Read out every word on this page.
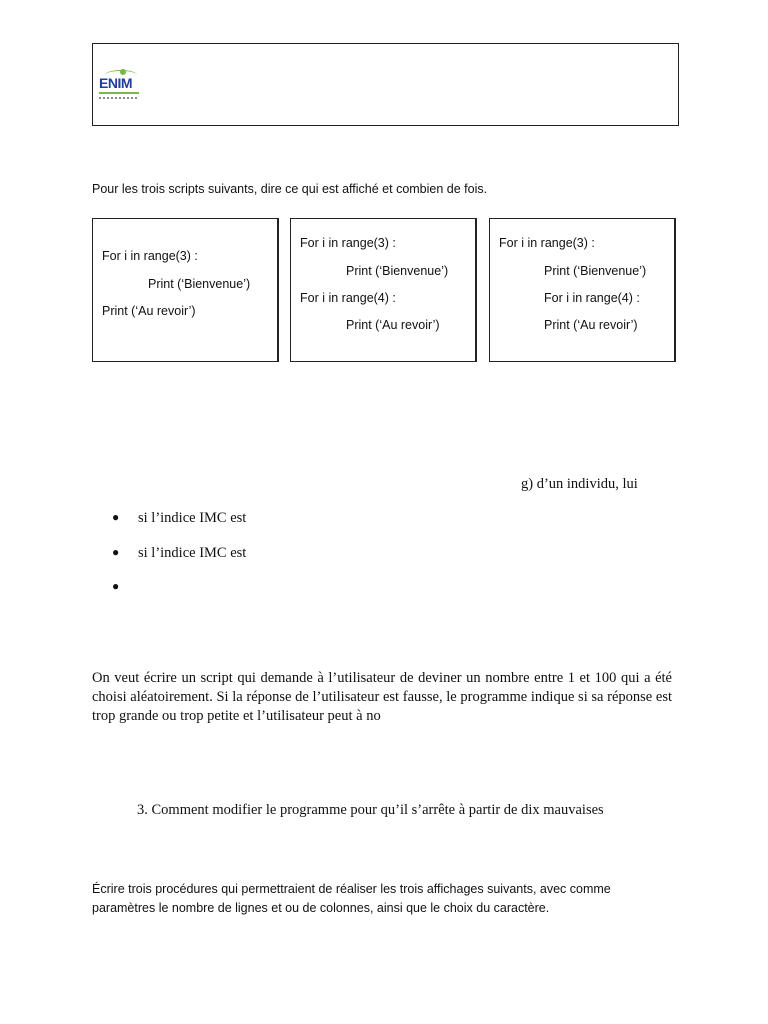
ENIM
Pour les trois scripts suivants, dire ce qui est affiché et combien de fois.
For i in range(3) :
Print (‘Bienvenue’)
Print (‘Au revoir’)
For i in range(3) :
Print (‘Bienvenue’)
For i in range(4) :
Print (‘Au revoir’)
For i in range(3) :
Print (‘Bienvenue’)
For i in range(4) :
Print (‘Au revoir’)
g) d’un individu, lui
● si l’indice IMC est
● si l’indice IMC est
●
On veut écrire un script qui demande à l’utilisateur de deviner un nombre entre 1 et 100 qui a été choisi aléatoirement. Si la réponse de l’utilisateur est fausse, le programme indique si sa réponse est trop grande ou trop petite et l’utilisateur peut à no
3. Comment modifier le programme pour qu’il s’arrête à partir de dix mauvaises
Écrire trois procédures qui permettraient de réaliser les trois affichages suivants, avec comme paramètres le nombre de lignes et ou de colonnes, ainsi que le choix du caractère.
